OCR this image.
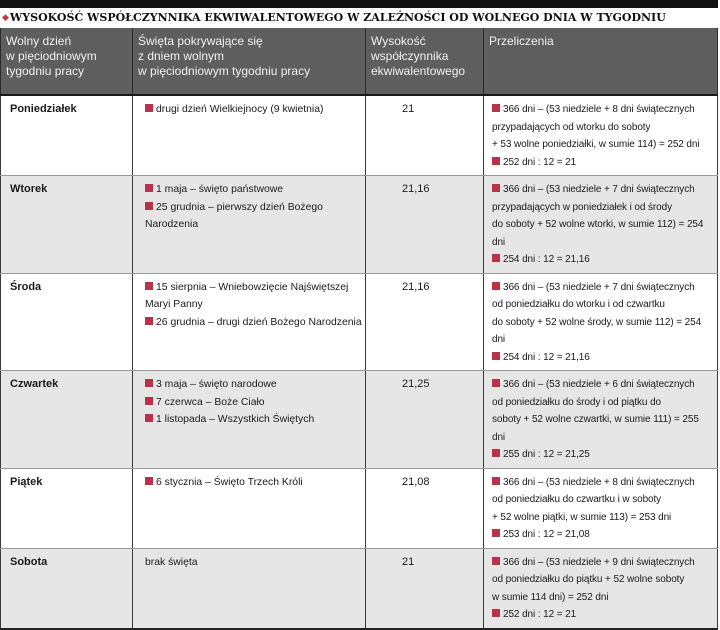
◆WYSOKOŚĆ WSPÓŁCZYNNIKA EKWIWALENTOWEGO W ZALEŻNOŚCI OD WOLNEGO DNIA W TYGODNIU
Wolny dzień
w pięciodniowym
tygodniu pracy	Święta pokrywające się
z dniem wolnym
w pięciodniowym tygodniu pracy	Wysokość
współczynnika
ekwiwalentowego	Przeliczenia

Poniedziałek	drugi dzień Wielkiejnocy (9 kwietnia)	21	366 dni – (53 niedziele + 8 dni świątecznych
przypadających od wtorku do soboty
+ 53 wolne poniedziałki, w sumie 114) = 252 dni
252 dni : 12 = 21

Wtorek	1 maja – święto państwowe
25 grudnia – pierwszy dzień Bożego Narodzenia	21,16	366 dni – (53 niedziele + 7 dni świątecznych
przypadających w poniedziałek i od środy
do soboty + 52 wolne wtorki, w sumie 112) = 254 dni
254 dni : 12 = 21,16

Środa	15 sierpnia – Wniebowzięcie Najświętszej
Maryi Panny
26 grudnia – drugi dzień Bożego Narodzenia	21,16	366 dni – (53 niedziele + 7 dni świątecznych
od poniedziałku do wtorku i od czwartku
do soboty + 52 wolne środy, w sumie 112) = 254 dni
254 dni : 12 = 21,16

Czwartek	3 maja – święto narodowe
7 czerwca – Boże Ciało
1 listopada – Wszystkich Świętych	21,25	366 dni – (53 niedziele + 6 dni świątecznych
od poniedziałku do środy i od piątku do
soboty + 52 wolne czwartki, w sumie 111) = 255 dni
255 dni : 12 = 21,25

Piątek	6 stycznia – Święto Trzech Króli	21,08	366 dni – (53 niedziele + 8 dni świątecznych
od poniedziałku do czwartku i w soboty
+ 52 wolne piątki, w sumie 113) = 253 dni
253 dni : 12 = 21,08

Sobota	brak święta	21	366 dni – (53 niedziele + 9 dni świątecznych
od poniedziałku do piątku + 52 wolne soboty
w sumie 114 dni) = 252 dni
252 dni : 12 = 21
